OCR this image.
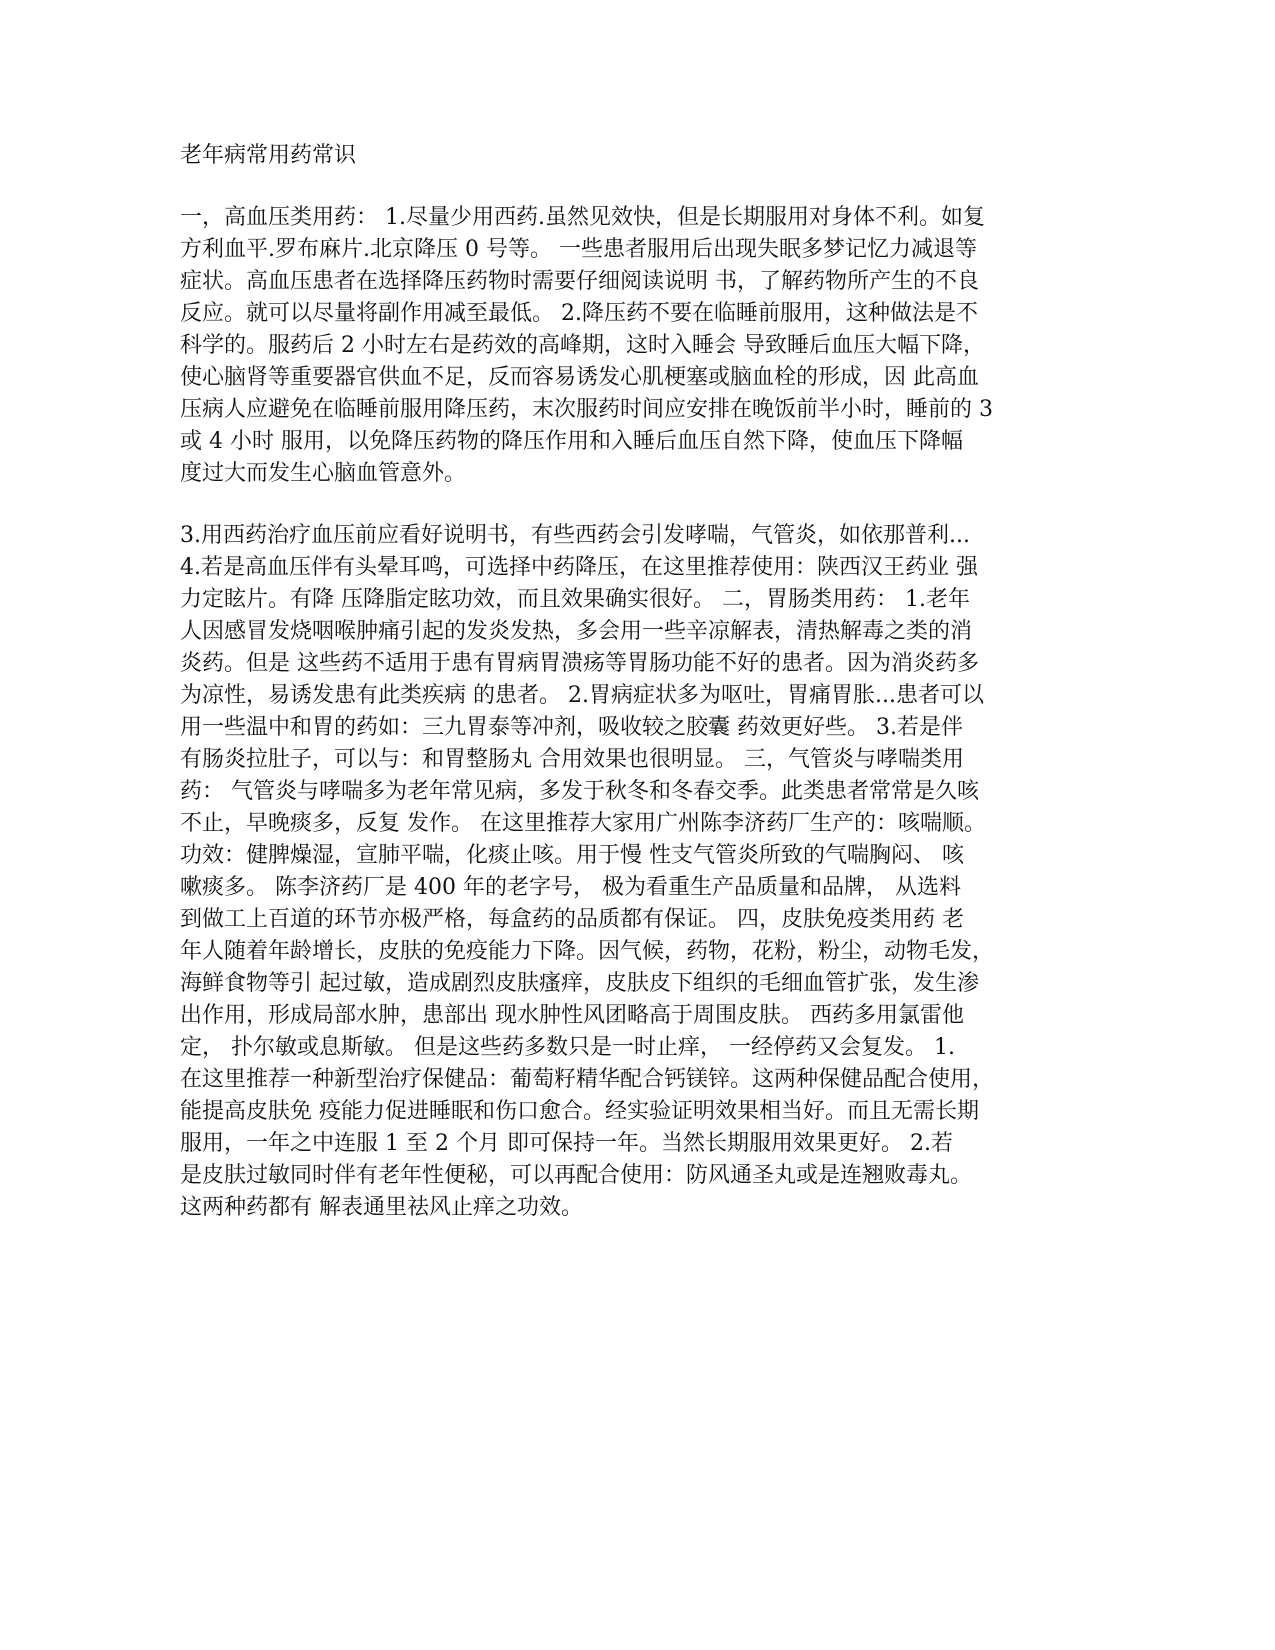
老年病常用药常识
一，高血压类用药： 1.尽量少用西药.虽然见效快，但是长期服用对身体不利。如复
方利血平.罗布麻片.北京降压 0 号等。 一些患者服用后出现失眠多梦记忆力减退等
症状。高血压患者在选择降压药物时需要仔细阅读说明 书，了解药物所产生的不良
反应。就可以尽量将副作用减至最低。 2.降压药不要在临睡前服用，这种做法是不
科学的。服药后 2 小时左右是药效的高峰期，这时入睡会 导致睡后血压大幅下降，
使心脑肾等重要器官供血不足，反而容易诱发心肌梗塞或脑血栓的形成，因 此高血
压病人应避免在临睡前服用降压药，末次服药时间应安排在晚饭前半小时，睡前的 3
或 4 小时 服用，以免降压药物的降压作用和入睡后血压自然下降，使血压下降幅
度过大而发生心脑血管意外。
3.用西药治疗血压前应看好说明书，有些西药会引发哮喘，气管炎，如依那普利...
4.若是高血压伴有头晕耳鸣，可选择中药降压，在这里推荐使用：陕西汉王药业 强
力定眩片。有降 压降脂定眩功效，而且效果确实很好。 二，胃肠类用药： 1.老年
人因感冒发烧咽喉肿痛引起的发炎发热，多会用一些辛凉解表，清热解毒之类的消
炎药。但是 这些药不适用于患有胃病胃溃疡等胃肠功能不好的患者。因为消炎药多
为凉性，易诱发患有此类疾病 的患者。 2.胃病症状多为呕吐，胃痛胃胀...患者可以
用一些温中和胃的药如：三九胃泰等冲剂，吸收较之胶囊 药效更好些。 3.若是伴
有肠炎拉肚子，可以与：和胃整肠丸 合用效果也很明显。 三，气管炎与哮喘类用
药： 气管炎与哮喘多为老年常见病，多发于秋冬和冬春交季。此类患者常常是久咳
不止，早晚痰多，反复 发作。 在这里推荐大家用广州陈李济药厂生产的：咳喘顺。
功效：健脾燥湿，宣肺平喘，化痰止咳。用于慢 性支气管炎所致的气喘胸闷、 咳
嗽痰多。 陈李济药厂是 400 年的老字号， 极为看重生产品质量和品牌， 从选料
到做工上百道的环节亦极严格，每盒药的品质都有保证。 四，皮肤免疫类用药 老
年人随着年龄增长，皮肤的免疫能力下降。因气候，药物，花粉，粉尘，动物毛发，
海鲜食物等引 起过敏，造成剧烈皮肤瘙痒，皮肤皮下组织的毛细血管扩张，发生渗
出作用，形成局部水肿，患部出 现水肿性风团略高于周围皮肤。 西药多用氯雷他
定， 扑尔敏或息斯敏。 但是这些药多数只是一时止痒， 一经停药又会复发。 1.
在这里推荐一种新型治疗保健品：葡萄籽精华配合钙镁锌。这两种保健品配合使用，
能提高皮肤免 疫能力促进睡眠和伤口愈合。经实验证明效果相当好。而且无需长期
服用，一年之中连服 1 至 2 个月 即可保持一年。当然长期服用效果更好。 2.若
是皮肤过敏同时伴有老年性便秘，可以再配合使用：防风通圣丸或是连翘败毒丸。
这两种药都有 解表通里祛风止痒之功效。
